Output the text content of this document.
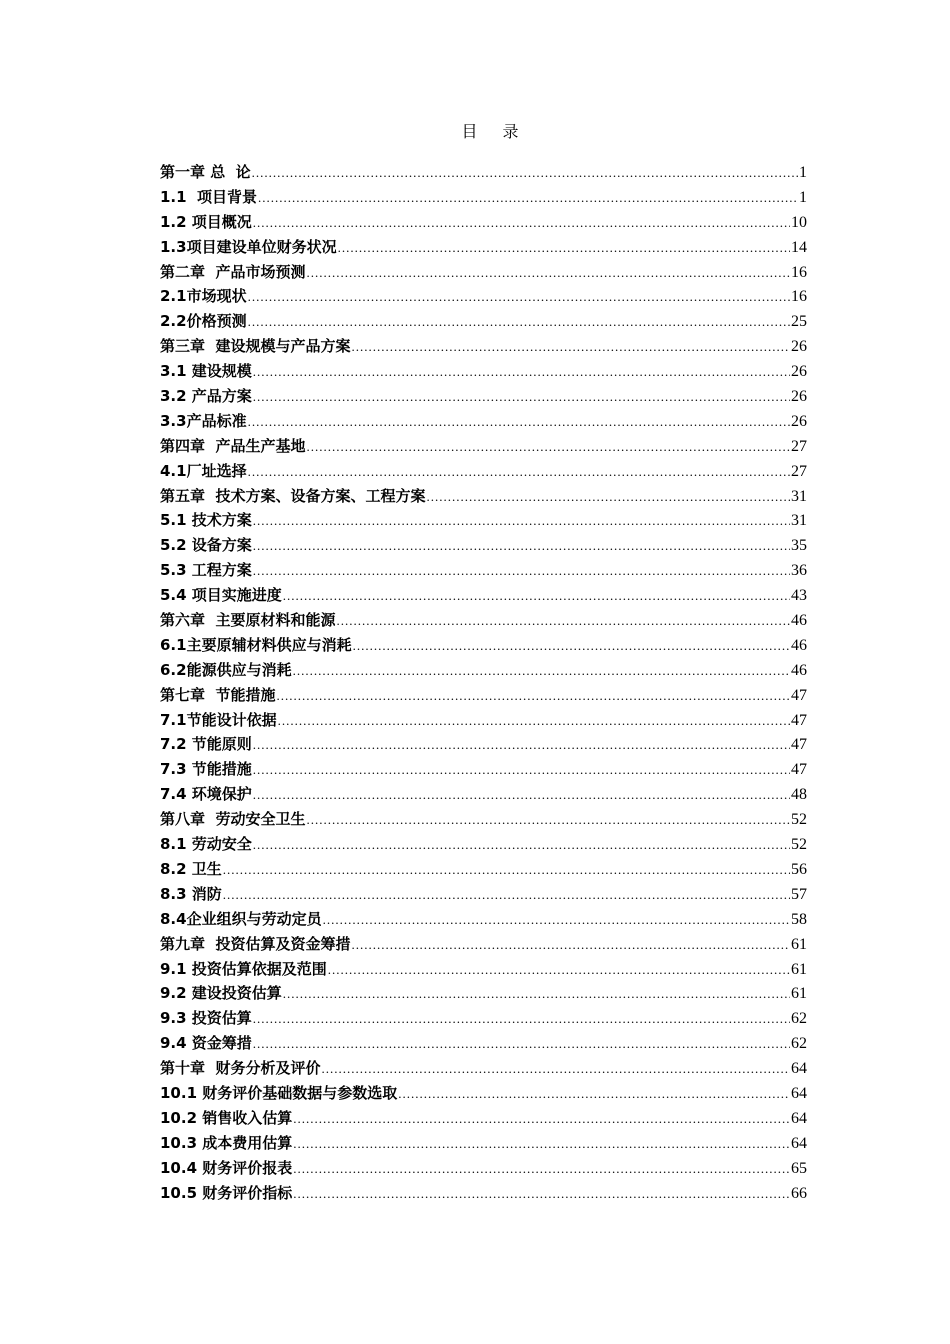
目 录
第一章 总  论 .....	1
1.1  项目背景 .....	1
1.2 项目概况 .....	10
1.3项目建设单位财务状况 .....	14
第二章  产品市场预测 .....	16
2.1市场现状 .....	16
2.2价格预测 .....	25
第三章  建设规模与产品方案 .....	26
3.1 建设规模 .....	26
3.2 产品方案 .....	26
3.3产品标准 .....	26
第四章  产品生产基地 .....	27
4.1厂址选择 .....	27
第五章  技术方案、设备方案、工程方案 .....	31
5.1 技术方案 .....	31
5.2 设备方案 .....	35
5.3 工程方案 .....	36
5.4 项目实施进度 .....	43
第六章  主要原材料和能源 .....	46
6.1主要原辅材料供应与消耗 .....	46
6.2能源供应与消耗 .....	46
第七章  节能措施 .....	47
7.1节能设计依据 .....	47
7.2 节能原则 .....	47
7.3 节能措施 .....	47
7.4 环境保护 .....	48
第八章  劳动安全卫生 .....	52
8.1 劳动安全 .....	52
8.2 卫生 .....	56
8.3 消防 .....	57
8.4企业组织与劳动定员 .....	58
第九章  投资估算及资金筹措 .....	61
9.1 投资估算依据及范围 .....	61
9.2 建设投资估算 .....	61
9.3 投资估算 .....	62
9.4 资金筹措 .....	62
第十章  财务分析及评价 .....	64
10.1 财务评价基础数据与参数选取 .....	64
10.2 销售收入估算 .....	64
10.3 成本费用估算 .....	64
10.4 财务评价报表 .....	65
10.5 财务评价指标 .....	66
